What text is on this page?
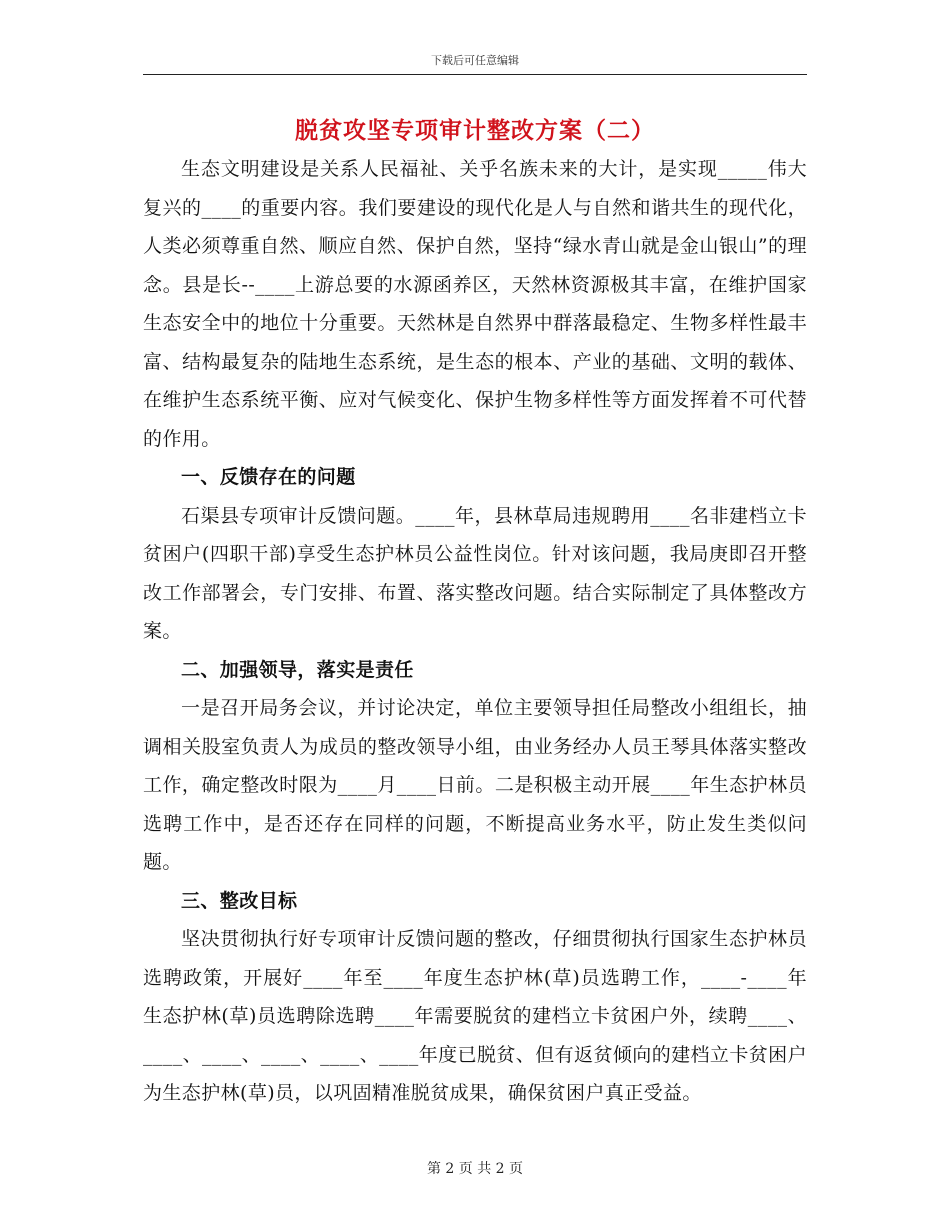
下载后可任意编辑
脱贫攻坚专项审计整改方案（二）

生态文明建设是关系人民福祉、关乎名族未来的大计，是实现_____伟大复兴的____的重要内容。我们要建设的现代化是人与自然和谐共生的现代化，人类必须尊重自然、顺应自然、保护自然，坚持“绿水青山就是金山银山”的理念。县是长--____上游总要的水源函养区，天然林资源极其丰富，在维护国家生态安全中的地位十分重要。天然林是自然界中群落最稳定、生物多样性最丰富、结构最复杂的陆地生态系统，是生态的根本、产业的基础、文明的载体、在维护生态系统平衡、应对气候变化、保护生物多样性等方面发挥着不可代替的作用。

一、反馈存在的问题

石渠县专项审计反馈问题。____年，县林草局违规聘用____名非建档立卡贫困户(四职干部)享受生态护林员公益性岗位。针对该问题，我局庚即召开整改工作部署会，专门安排、布置、落实整改问题。结合实际制定了具体整改方案。

二、加强领导，落实是责任

一是召开局务会议，并讨论决定，单位主要领导担任局整改小组组长，抽调相关股室负责人为成员的整改领导小组，由业务经办人员王琴具体落实整改工作，确定整改时限为____月____日前。二是积极主动开展____年生态护林员选聘工作中，是否还存在同样的问题，不断提高业务水平，防止发生类似问题。

三、整改目标

坚决贯彻执行好专项审计反馈问题的整改，仔细贯彻执行国家生态护林员选聘政策，开展好____年至____年度生态护林(草)员选聘工作，____-____年生态护林(草)员选聘除选聘____年需要脱贫的建档立卡贫困户外，续聘____、____、____、____、____、____年度已脱贫、但有返贫倾向的建档立卡贫困户为生态护林(草)员，以巩固精准脱贫成果，确保贫困户真正受益。

第 2 页 共 2 页
